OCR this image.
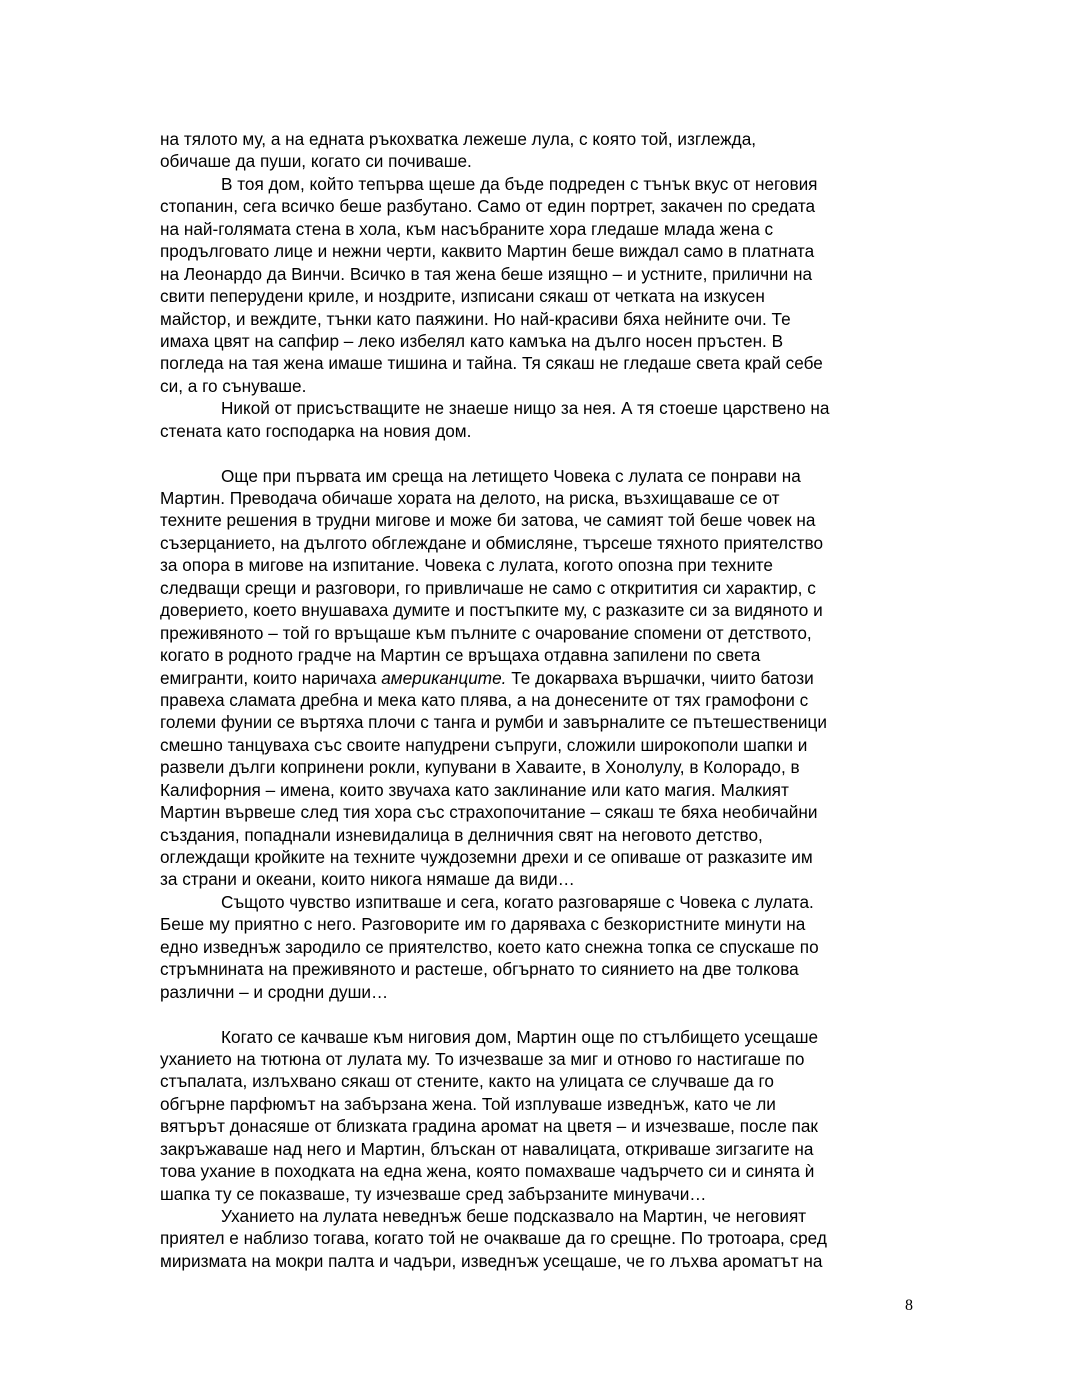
на тялото му, а на едната ръкохватка лежеше лула, с която той, изглежда,
обичаше да пуши, когато си почиваше.
В тоя дом, който тепърва щеше да бъде подреден с тънък вкус от неговия
стопанин, сега всичко беше разбутано. Само от един портрет, закачен по средата
на най-голямата стена в хола, към насъбраните хора гледаше млада жена с
продълговато лице и нежни черти, каквито Мартин беше виждал само в платната
на Леонардо да Винчи. Всичко в тая жена беше изящно – и устните, прилични на
свити пеперудени криле, и ноздрите, изписани сякаш от четката на изкусен
майстор, и веждите, тънки като паяжини. Но най-красиви бяха нейните очи. Те
имаха цвят на сапфир – леко избелял като камъка на дълго носен пръстен. В
погледа на тая жена имаше тишина и тайна. Тя сякаш не гледаше света край себе
си, а го сънуваше.
Никой от присъстващите не знаеше нищо за нея. А тя стоеше царствено на
стената като господарка на новия дом.
Още при първата им среща на летището Човека с лулата се понрави на
Мартин. Преводача обичаше хората на делото, на риска, възхищаваше се от
техните решения в трудни мигове и може би затова, че самият той беше човек на
съзерцанието, на дългото обглеждане и обмисляне, търсеше тяхното приятелство
за опора в мигове на изпитание. Човека с лулата, когото опозна при техните
следващи срещи и разговори, го привличаше не само с откритития си характир, с
доверието, което внушаваха думите и постъпките му, с разказите си за видяното и
преживяното – той го връщаше към пълните с очарование спомени от детството,
когато в родното градче на Мартин се връщаха отдавна запилени по света
емигранти, които наричаха американците. Те докарваха вършачки, чиито батози
правеха сламата дребна и мека като плява, а на донесените от тях грамофони с
големи фунии се въртяха плочи с танга и румби и завърналите се пътешественици
смешно танцуваха със своите напудрени съпруги, сложили широкополи шапки и
развели дълги копринени рокли, купувани в Хаваите, в Хонолулу, в Колорадо, в
Калифорния – имена, които звучаха като заклинание или като магия. Малкият
Мартин вървеше след тия хора със страхопочитание – сякаш те бяха необичайни
създания, попаднали изневидалица в делничния свят на неговото детство,
оглеждащи кройките на техните чуждоземни дрехи и се опиваше от разказите им
за страни и океани, които никога нямаше да види…
Същото чувство изпитваше и сега, когато разговаряше с Човека с лулата.
Беше му приятно с него. Разговорите им го даряваха с безкористните минути на
едно изведнъж зародило се приятелство, което като снежна топка се спускаше по
стръмнината на преживяното и растеше, обгърнато то сиянието на две толкова
различни – и сродни души…
Когато се качваше към ниговия дом, Мартин още по стълбището усещаше
уханието на тютюна от лулата му. То изчезваше за миг и отново го настигаше по
стъпалата, излъхвано сякаш от стените, както на улицата се случваше да го
обгърне парфюмът на забързана жена. Той изплуваше изведнъж, като че ли
вятърът донасяше от близката градина аромат на цветя – и изчезваше, после пак
закръжаваше над него и Мартин, блъскан от навалицата, откриваше зигзагите на
това ухание в походката на една жена, която помахваше чадърчето си и синята ѝ
шапка ту се показваше, ту изчезваше сред забързаните минувачи…
Уханието на лулата неведнъж беше подсказвало на Мартин, че неговият
приятел е наблизо тогава, когато той не очакваше да го срещне. По тротоара, сред
миризмата на мокри палта и чадъри, изведнъж усещаше, че го лъхва ароматът на
8
